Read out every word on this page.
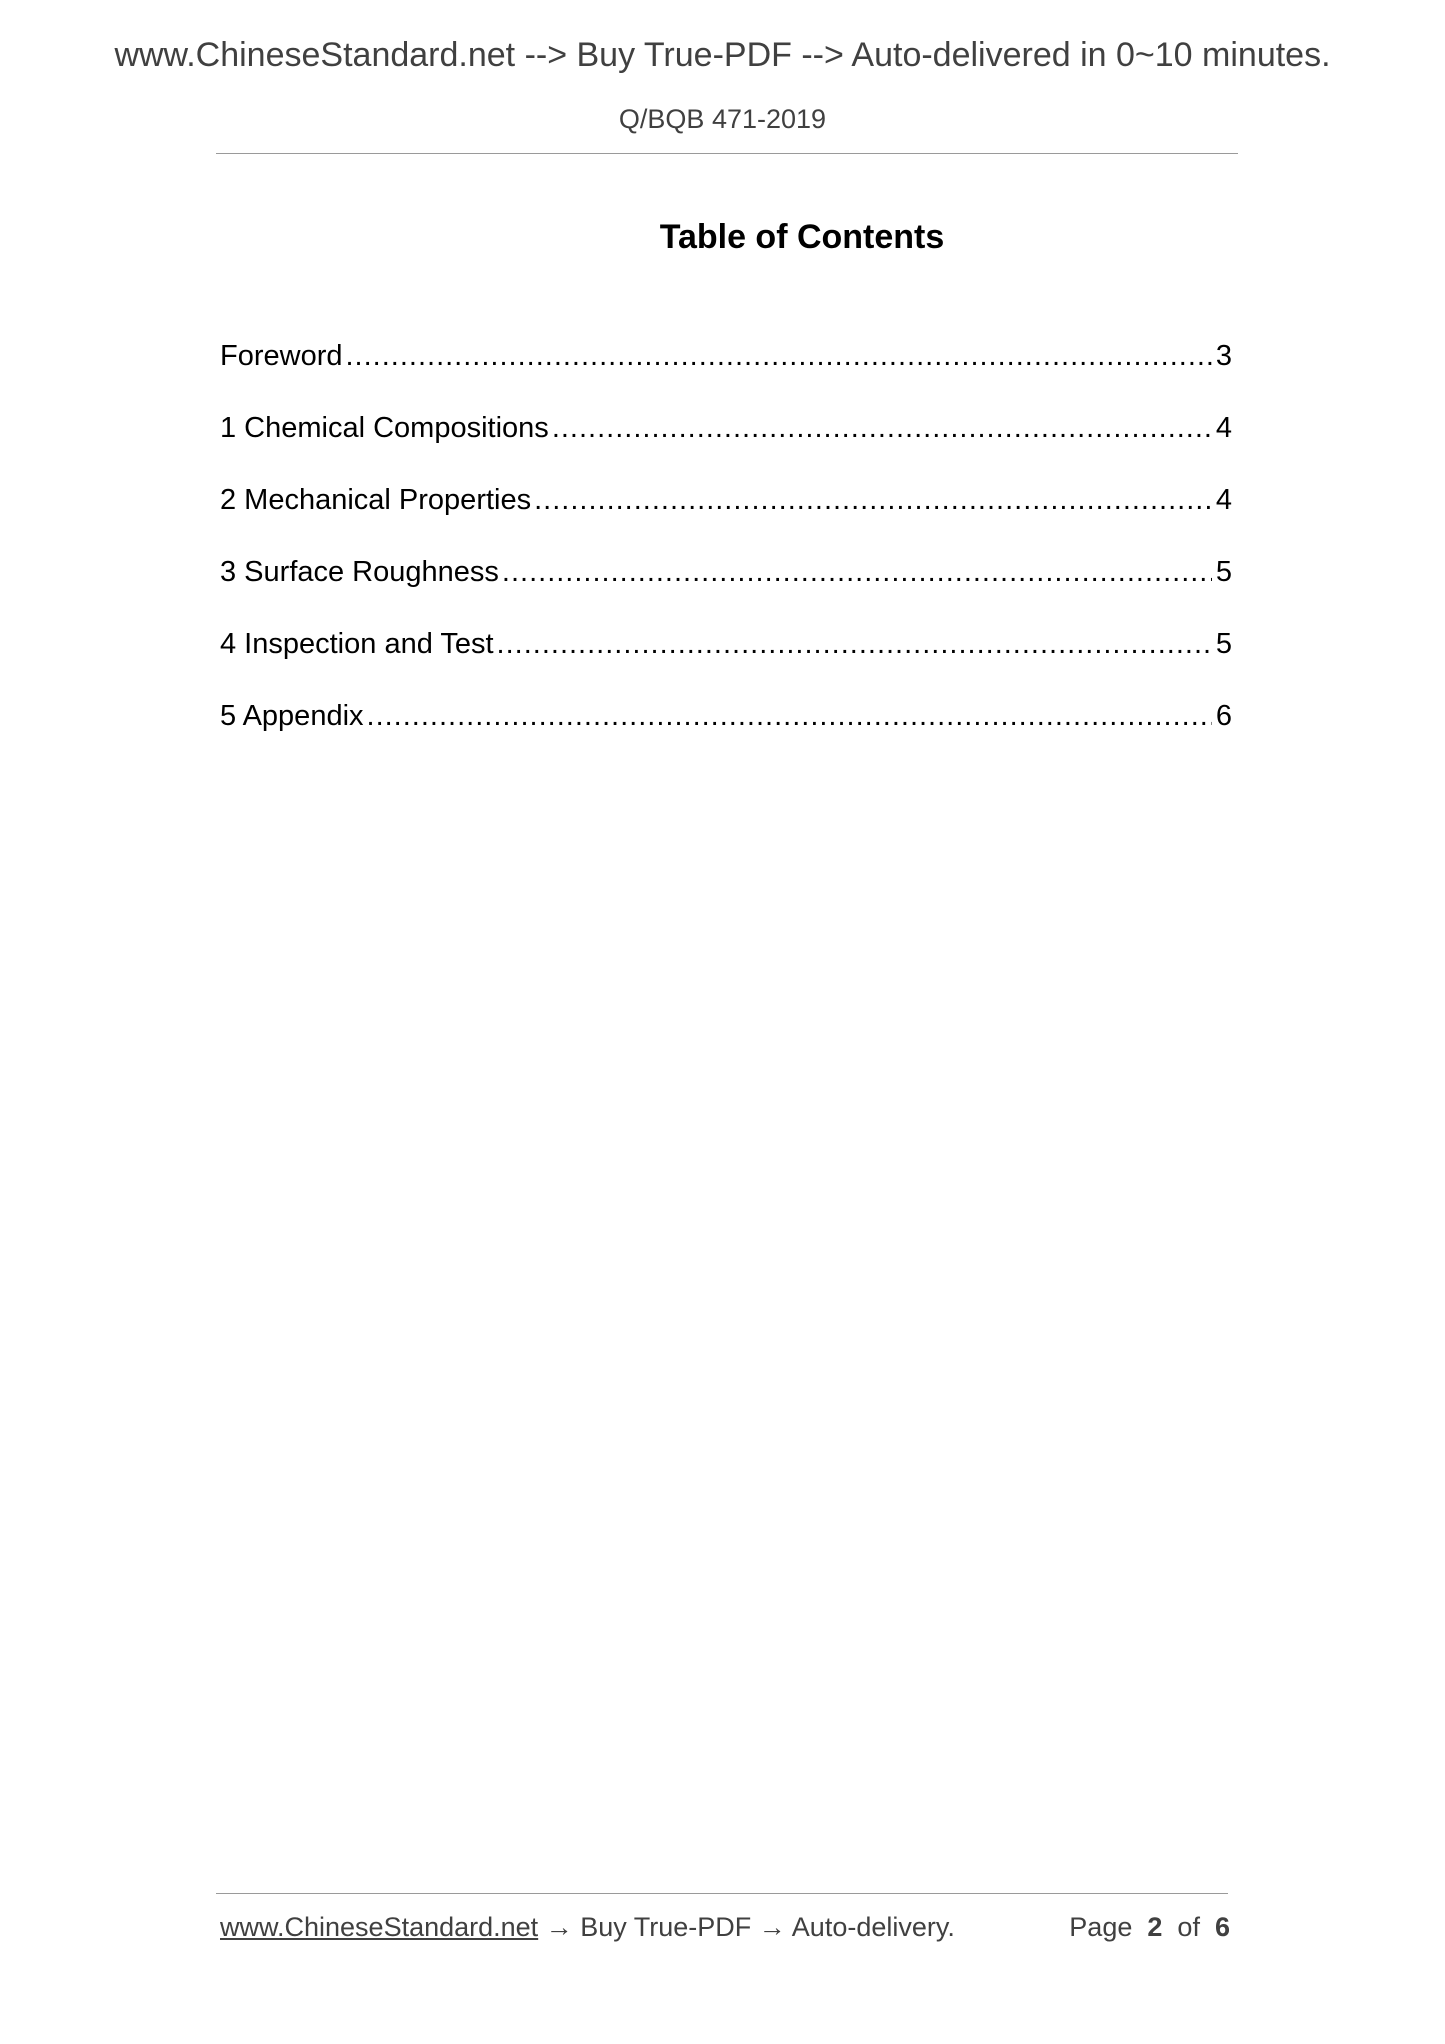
www.ChineseStandard.net --> Buy True-PDF --> Auto-delivered in 0~10 minutes.
Q/BQB 471-2019
Table of Contents
Foreword .....	3
1 Chemical Compositions .....	4
2 Mechanical Properties .....	4
3 Surface Roughness .....	5
4 Inspection and Test .....	5
5 Appendix .....	6
www.ChineseStandard.net → Buy True-PDF → Auto-delivery.	Page 2 of 6
